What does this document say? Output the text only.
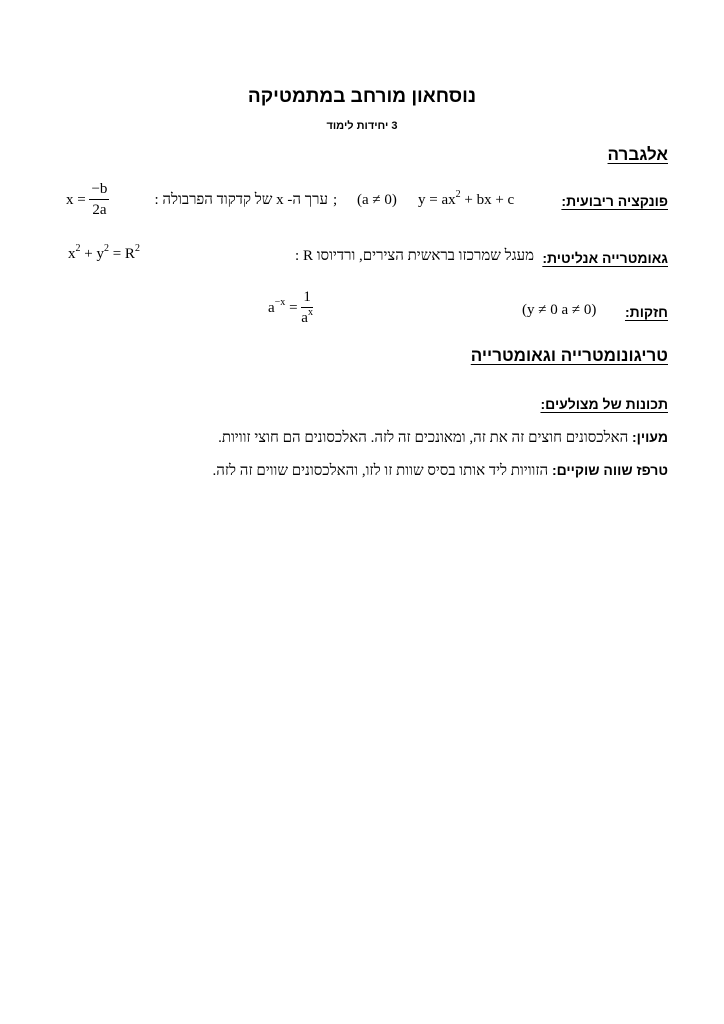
נוסחאון מורחב במתמטיקה
3 יחידות לימוד
אלגברה
פונקציה ריבועית:
$y = ax^2$ + bx + c
(a ≠ 0)
;
ערך ה- x של קדקוד הפרבולה :
$x = \frac{-b}{2a}$
גאומטרייה אנליטית:
מעגל שמרכזו בראשית הצירים, ורדיוסו R :
$x^2 + y^2 = R^2$
חזקות:
(y ≠ 0 a ≠ 0)
$a^{-x} = \frac{1}{a^x}$
טריגונומטרייה וגאומטרייה
תכונות של מצולעים:
מעוין: האלכסונים חוצים זה את זה, ומאונכים זה לזה. האלכסונים הם חוצי זוויות.
טרפז שווה שוקיים: הזוויות ליד אותו בסיס שוות זו לזו, והאלכסונים שווים זה לזה.
